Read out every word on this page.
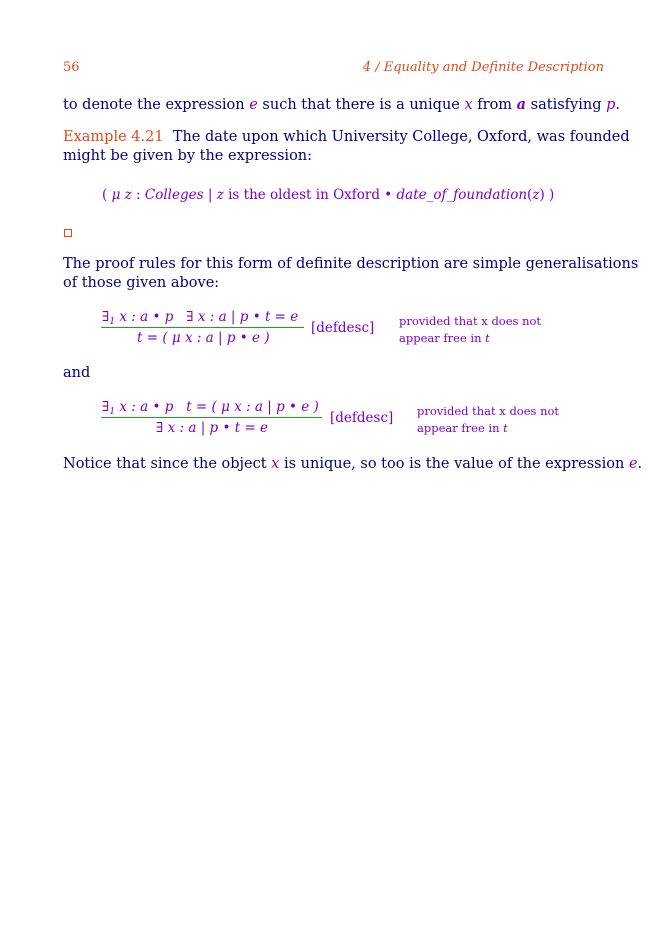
56	4 / Equality and Definite Description
to denote the expression e such that there is a unique x from a satisfying p.
Example 4.21 The date upon which University College, Oxford, was founded
might be given by the expression:
( μ z : Colleges | z is the oldest in Oxford • date_of_foundation(z) )
The proof rules for this form of definite description are simple generalisations
of those given above:
$\exists_1$ x : a • p ∃ x : a | p • t = e
t = ( μ x : a | p • e )
[defdesc] provided that x does not
appear free in t
and
$\exists_1$ x : a • p t = ( μ x : a | p • e )
∃ x : a | p • t = e
[defdesc] provided that x does not
appear free in t
Notice that since the object x is unique, so too is the value of the expression e.
